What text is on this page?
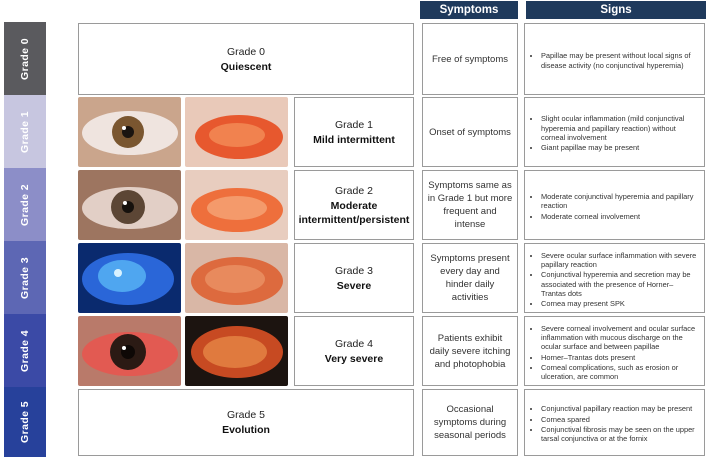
Symptoms	Signs
Grade 0
Grade 1
Grade 2
Grade 3
Grade 4
Grade 5
Grade 0
Quiescent
Free of symptoms
•	Papillae may be present without local signs of disease activity (no conjunctival hyperemia)
Grade 1
Mild intermittent
Onset of symptoms
• Slight ocular inflammation (mild conjunctival hyperemia and papillary reaction) without corneal involvement
• Giant papillae may be present
Grade 2
Moderate intermittent/persistent
Symptoms same as in Grade 1 but more frequent and intense
• Moderate conjunctival hyperemia and papillary reaction
• Moderate corneal involvement
Grade 3
Severe
Symptoms present every day and hinder daily activities
• Severe ocular surface inflammation with severe papillary reaction
• Conjunctival hyperemia and secretion may be associated with the presence of Horner–Trantas dots
• Cornea may present SPK
Grade 4
Very severe
Patients exhibit daily severe itching and photophobia
• Severe corneal involvement and ocular surface inflammation with mucous discharge on the ocular surface and between papillae
• Horner–Trantas dots present
• Corneal complications, such as erosion or ulceration, are common
Grade 5
Evolution
Occasional symptoms during seasonal periods
• Conjunctival papillary reaction may be present
• Cornea spared
• Conjunctival fibrosis may be seen on the upper tarsal conjunctiva or at the fornix
